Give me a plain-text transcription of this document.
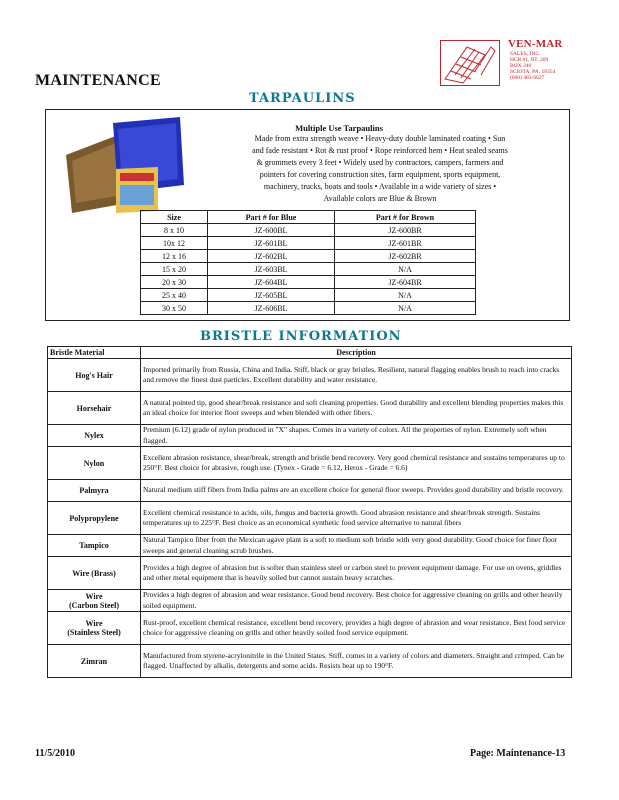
VEN-MAR
SALES, INC.
HCR #1, RT. 209
BOX 340
SCIOTA, PA. 18354
(800) 483-6627
MAINTENANCE
TARPAULINS
Multiple Use Tarpaulins
Made from extra strength weave • Heavy-duty double laminated coating • Sun
and fade resistant • Rot & rust proof • Rope reinforced hem • Heat sealed seams
& grommets every 3 feet • Widely used by contractors, campers, farmers and
pointers for covering construction sites, farm equipment, sports equipment,
machinery, trucks, boats and tools • Available in a wide variety of sizes •
Available colors are Blue & Brown
Size	Part # for Blue	Part # for Brown
8 x 10	JZ-600BL	JZ-600BR
10x 12	JZ-601BL	JZ-601BR
12 x 16	JZ-602BL	JZ-602BR
15 x 20	JZ-603BL	N/A
20 x 30	JZ-604BL	JZ-604BR
25 x 40	JZ-605BL	N/A
30 x 50	JZ-606BL	N/A
BRISTLE INFORMATION
Bristle Material	Description

Hog's Hair	Imported primarily from Russia, China and India. Stiff, black or gray bristles. Resilient, natural flagging enables brush to reach into cracks and remove the finest dust particles. Excellent durability and water resistance.

Horsehair	A natural pointed tip, good shear/break resistance and soft cleaning properties. Good durability and excellent blending properties makes this an ideal choice for interior floor sweeps and when blended with other fibers.

Nylex	Premium (6.12) grade of nylon produced in "X" shapes. Comes in a variety of colors. All the properties of nylon. Extremely soft when flagged.

Nylon	Excellent abrasion resistance, shear/break, strength and bristle bend recovery. Very good chemical resistance and sustains temperatures up to 250°F. Best choice for abrasive, rough use. (Tynex - Grade = 6.12, Herox - Grade = 6.6)

Palmyra	Natural medium stiff fibers from India palms are an excellent choice for general floor sweeps. Provides good durability and bristle recovery.

Polypropylene	Excellent chemical resistance to acids, oils, fungus and bacteria growth. Good abrasion resistance and shear/break strength. Sustains temperatures up to 225°F. Best choice as an economical synthetic food service alternative to natural fibers

Tampico	Natural Tampico fiber from the Mexican agave plant is a soft to medium soft bristle with very good durability. Good choice for finer floor sweeps and general cleaning scrub brushes.

Wire (Brass)	Provides a high degree of abrasion but is softer than stainless steel or carbon steel to prevent equipment damage. For use on ovens, griddles and other metal equipment that is heavily soiled but cannot sustain heavy scratches.

Wire
(Carbon Steel)	Provides a high degree of abrasion and wear resistance. Good bend recovery. Best choice for aggressive cleaning on grills and other heavily soiled equipment.

Wire
(Stainless Steel)	Rust-proof, excellent chemical resistance, excellent bend recovery, provides a high degree of abrasion and wear resistance. Best food service choice for aggressive cleaning on grills and other heavily soiled food service equipment.

Zimran	Manufactured from styrene-acrylonitrile in the United States. Stiff, comes in a variety of colors and diameters. Straight and crimped. Can be flagged. Unaffected by alkalis, detergents and some acids. Resists heat up to 190°F.
11/5/2010	Page: Maintenance-13
